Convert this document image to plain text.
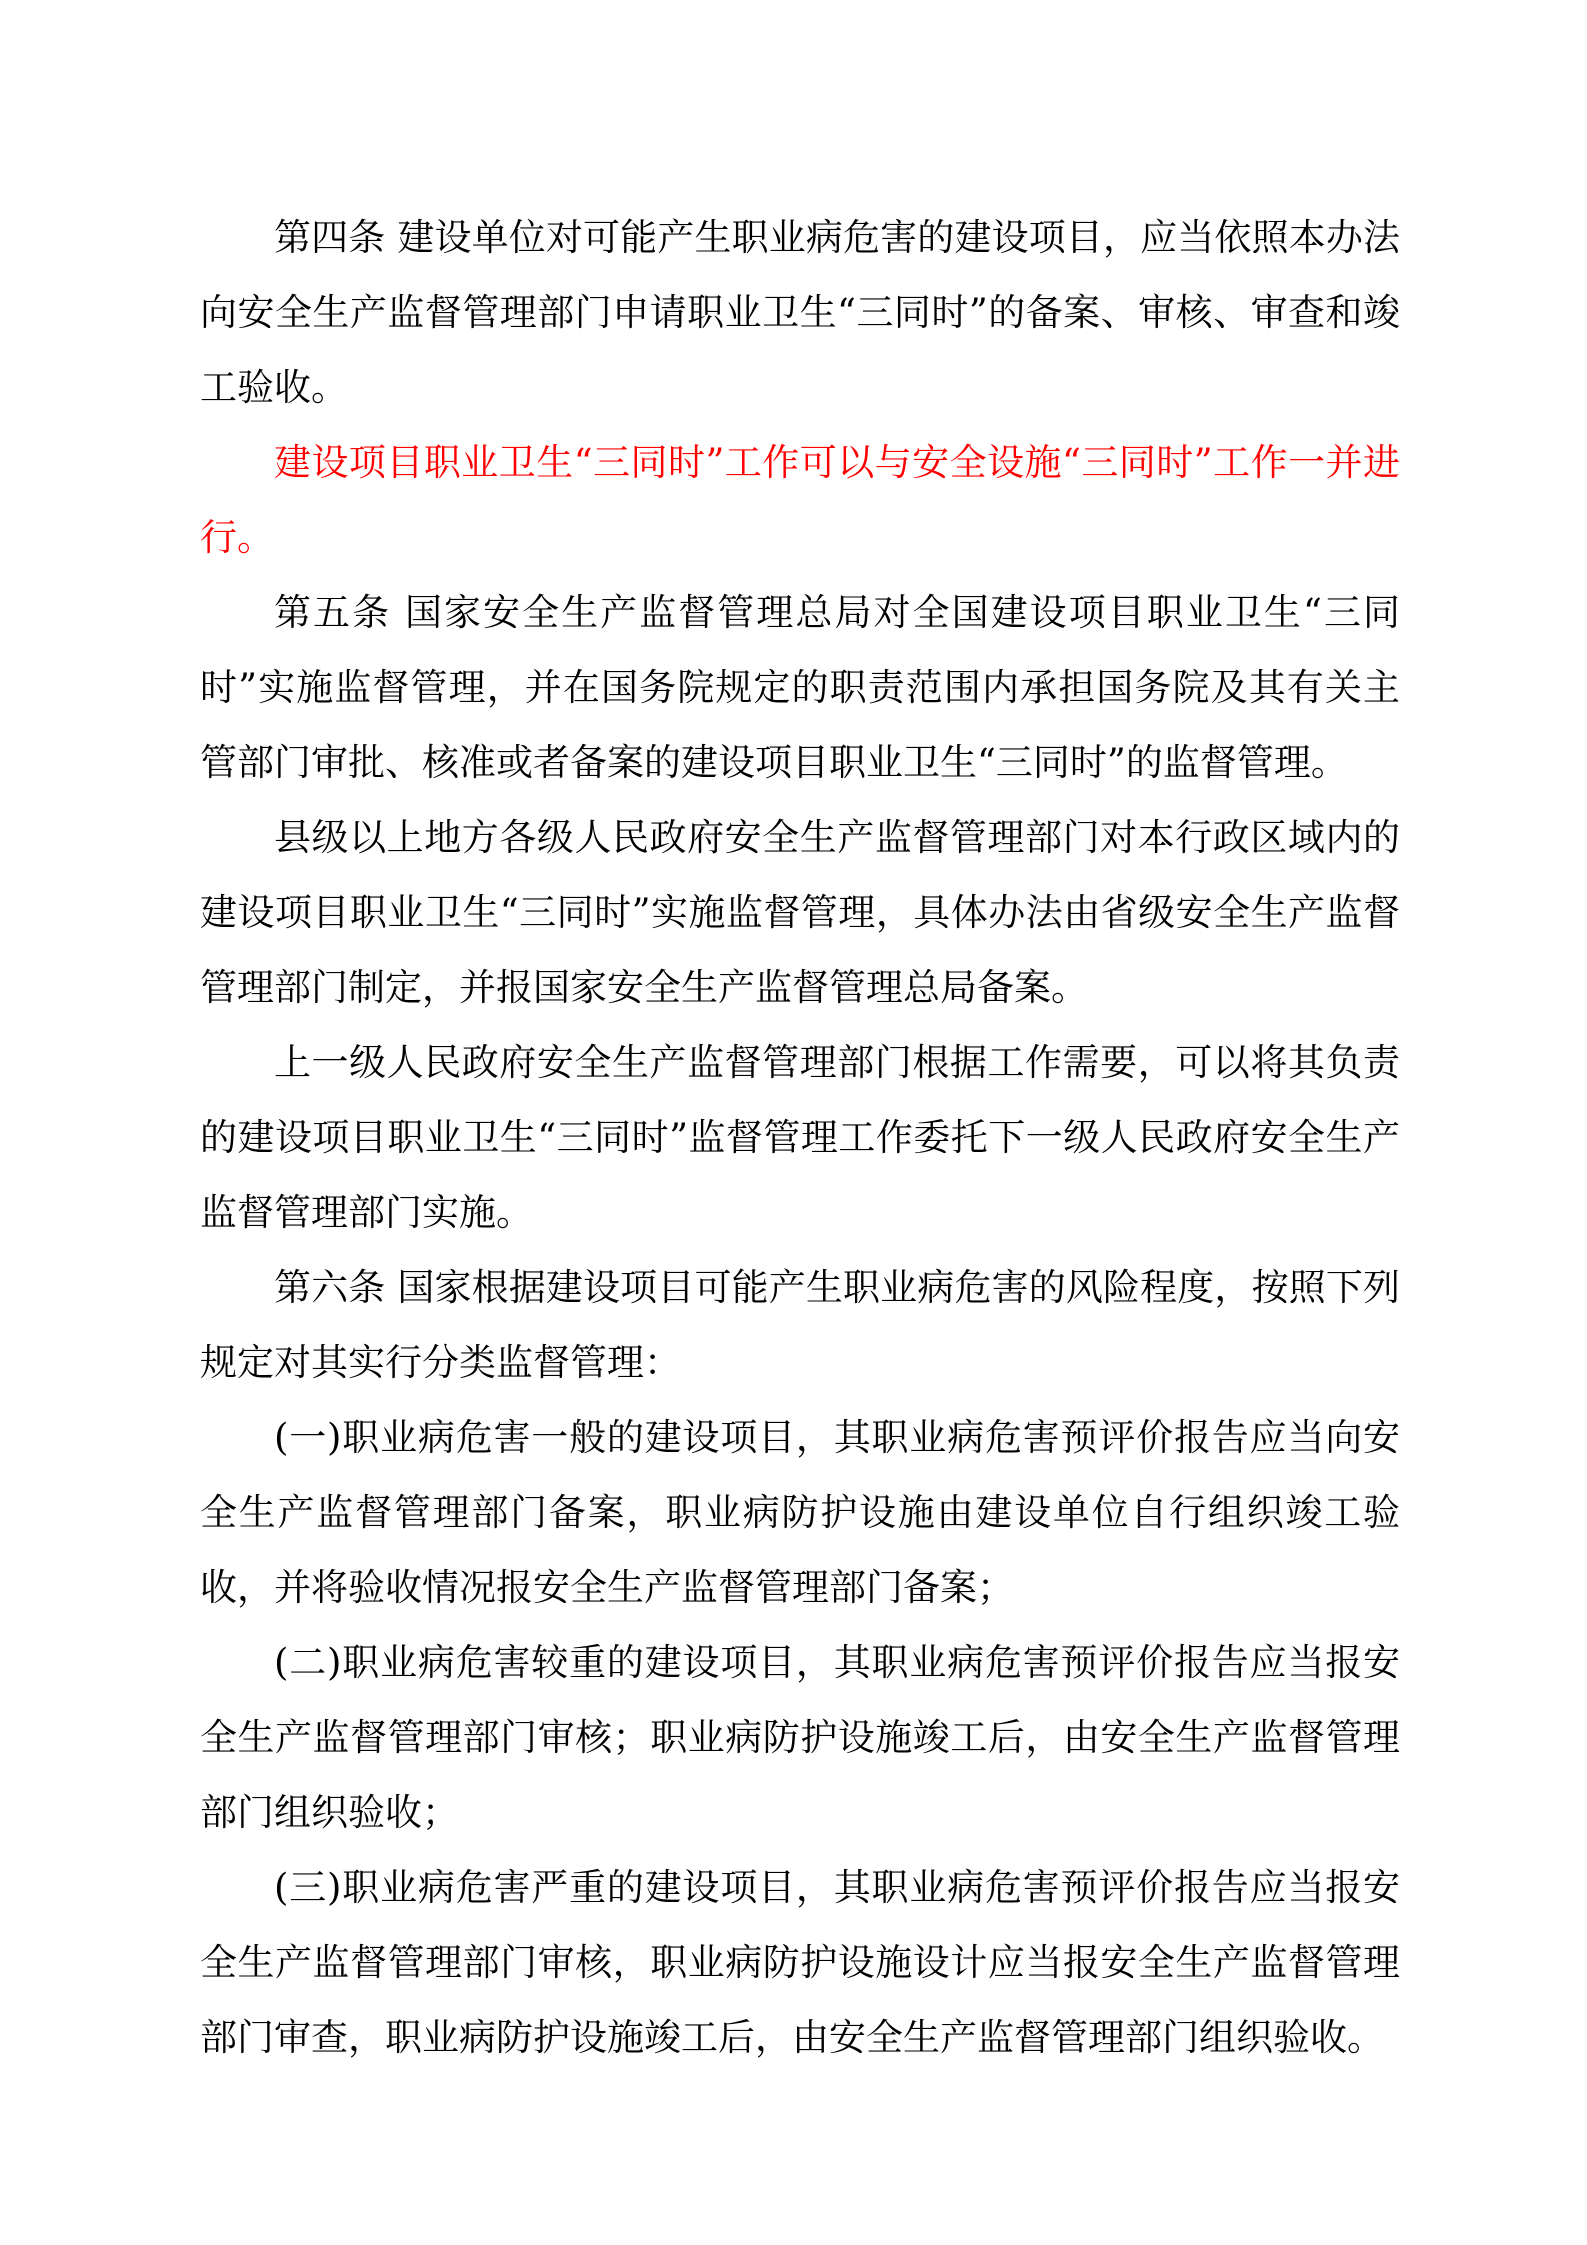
第四条 建设单位对可能产生职业病危害的建设项目，应当依照本办法向安全生产监督管理部门申请职业卫生“三同时”的备案、审核、审查和竣工验收。

建设项目职业卫生“三同时”工作可以与安全设施“三同时”工作一并进行。

第五条 国家安全生产监督管理总局对全国建设项目职业卫生“三同时”实施监督管理，并在国务院规定的职责范围内承担国务院及其有关主管部门审批、核准或者备案的建设项目职业卫生“三同时”的监督管理。

县级以上地方各级人民政府安全生产监督管理部门对本行政区域内的建设项目职业卫生“三同时”实施监督管理，具体办法由省级安全生产监督管理部门制定，并报国家安全生产监督管理总局备案。

上一级人民政府安全生产监督管理部门根据工作需要，可以将其负责的建设项目职业卫生“三同时”监督管理工作委托下一级人民政府安全生产监督管理部门实施。

第六条 国家根据建设项目可能产生职业病危害的风险程度，按照下列规定对其实行分类监督管理：

(一)职业病危害一般的建设项目，其职业病危害预评价报告应当向安全生产监督管理部门备案，职业病防护设施由建设单位自行组织竣工验收，并将验收情况报安全生产监督管理部门备案；

(二)职业病危害较重的建设项目，其职业病危害预评价报告应当报安全生产监督管理部门审核；职业病防护设施竣工后，由安全生产监督管理部门组织验收；

(三)职业病危害严重的建设项目，其职业病危害预评价报告应当报安全生产监督管理部门审核，职业病防护设施设计应当报安全生产监督管理部门审查，职业病防护设施竣工后，由安全生产监督管理部门组织验收。
